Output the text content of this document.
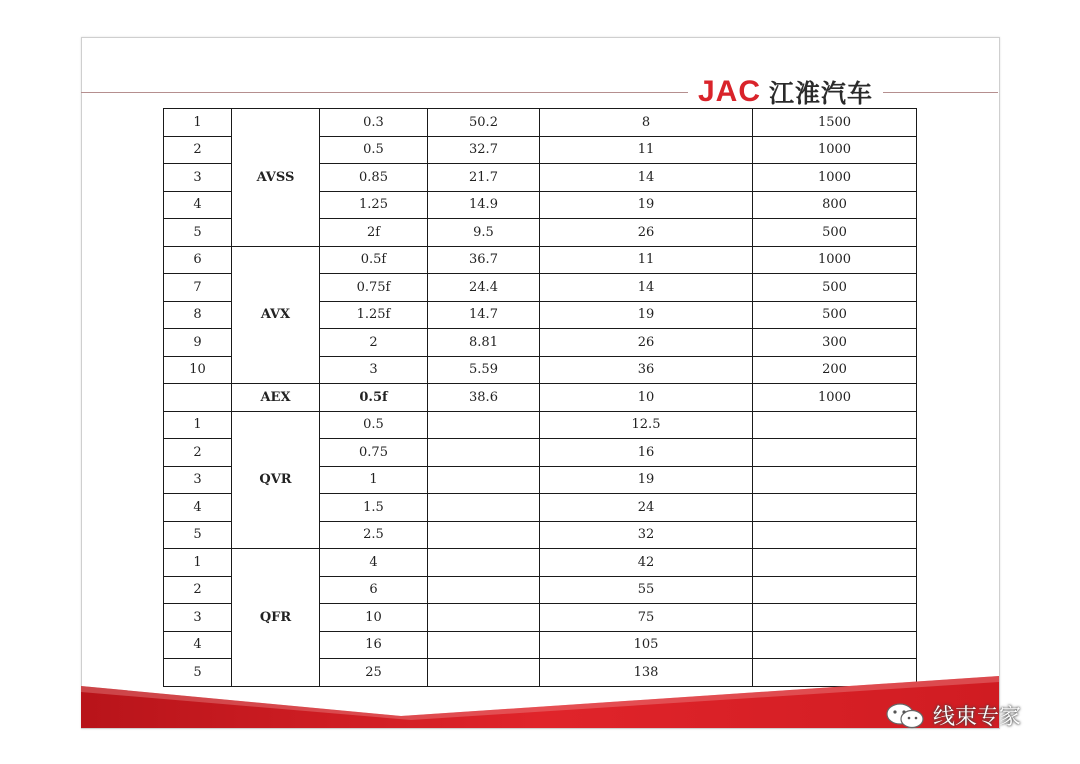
JAC 江淮汽车
1	AVSS	0.3	50.2	8	1500
2		0.5	32.7	11	1000
3		0.85	21.7	14	1000
4		1.25	14.9	19	800
5		2f	9.5	26	500
6	AVX	0.5f	36.7	11	1000
7		0.75f	24.4	14	500
8		1.25f	14.7	19	500
9		2	8.81	26	300
10		3	5.59	36	200
	AEX	0.5f	38.6	10	1000
1	QVR	0.5		12.5	
2		0.75		16	
3		1		19	
4		1.5		24	
5		2.5		32	
1	QFR	4		42	
2		6		55	
3		10		75	
4		16		105	
5		25		138	
线束专家
